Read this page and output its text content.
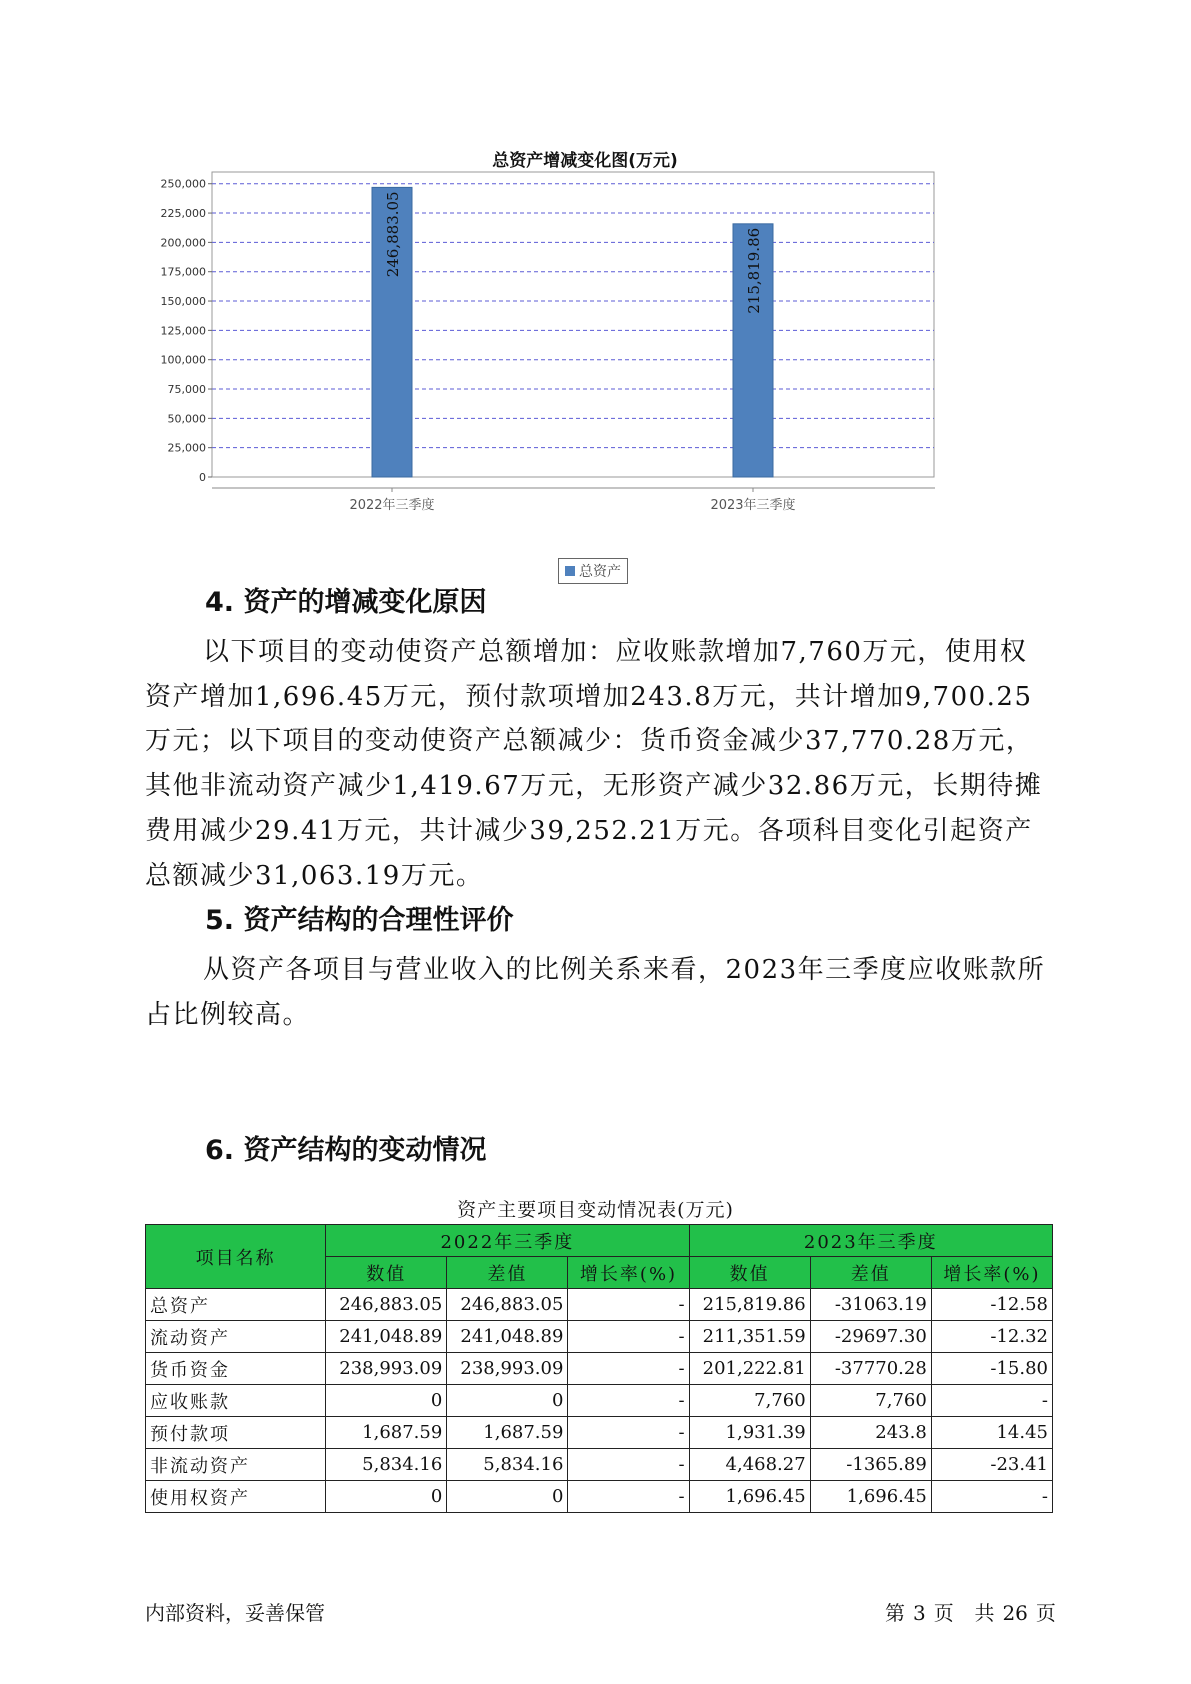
总资产增减变化图(万元)
0
25,000
50,000
75,000
100,000
125,000
150,000
175,000
200,000
225,000
250,000
246,883.05
2022年三季度
215,819.86
2023年三季度
总资产
4. 资产的增减变化原因

以下项目的变动使资产总额增加：应收账款增加7,760万元，使用权资产增加1,696.45万元，预付款项增加243.8万元，共计增加9,700.25万元；以下项目的变动使资产总额减少：货币资金减少37,770.28万元，其他非流动资产减少1,419.67万元，无形资产减少32.86万元，长期待摊费用减少29.41万元，共计减少39,252.21万元。各项科目变化引起资产总额减少31,063.19万元。

5. 资产结构的合理性评价

从资产各项目与营业收入的比例关系来看，2023年三季度应收账款所占比例较高。

6. 资产结构的变动情况
资产主要项目变动情况表(万元)
项目名称	2022年三季度			2023年三季度		
	数值	差值	增长率(%)	数值	差值	增长率(%)
总资产	246,883.05	246,883.05	-	215,819.86	-31063.19	-12.58
流动资产	241,048.89	241,048.89	-	211,351.59	-29697.30	-12.32
货币资金	238,993.09	238,993.09	-	201,222.81	-37770.28	-15.80
应收账款	0	0	-	7,760	7,760	-
预付款项	1,687.59	1,687.59	-	1,931.39	243.8	14.45
非流动资产	5,834.16	5,834.16	-	4,468.27	-1365.89	-23.41
使用权资产	0	0	-	1,696.45	1,696.45	-
内部资料，妥善保管	第 3 页 共 26 页
